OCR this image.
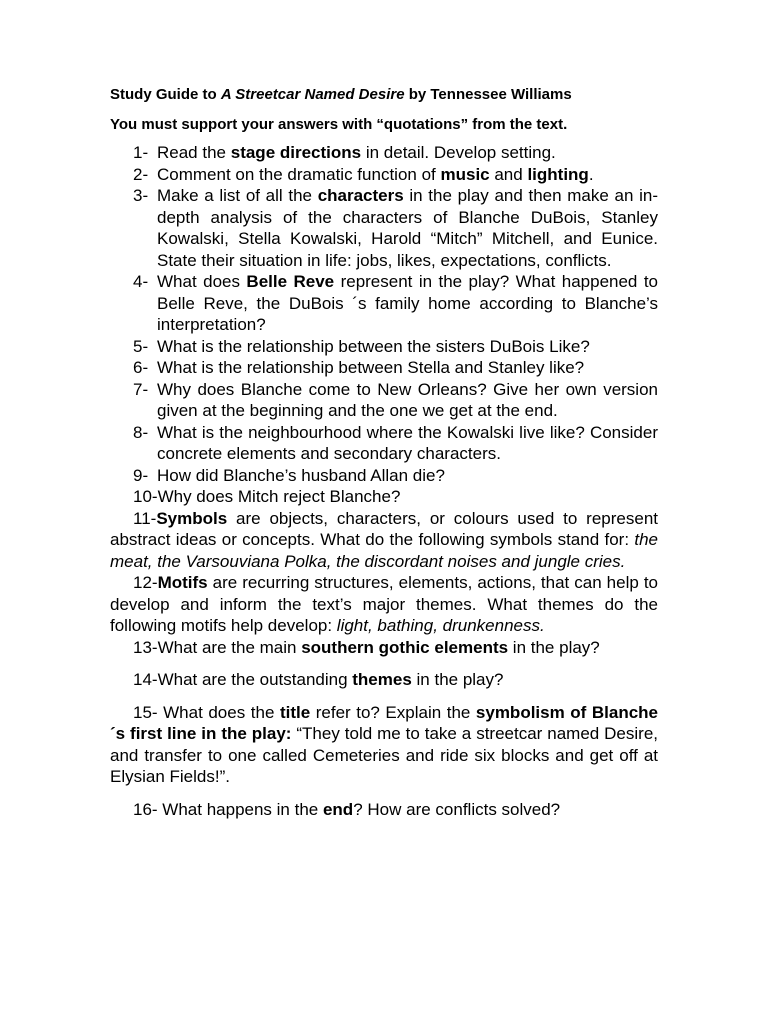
Study Guide to A Streetcar Named Desire by Tennessee Williams

You must support your answers with “quotations” from the text.

1- Read the stage directions in detail. Develop setting.
2- Comment on the dramatic function of music and lighting.
3- Make a list of all the characters in the play and then make an in-depth analysis of the characters of Blanche DuBois, Stanley Kowalski, Stella Kowalski, Harold “Mitch” Mitchell, and Eunice. State their situation in life: jobs, likes, expectations, conflicts.
4- What does Belle Reve represent in the play? What happened to Belle Reve, the DuBois ´s family home according to Blanche’s interpretation?
5- What is the relationship between the sisters DuBois Like?
6- What is the relationship between Stella and Stanley like?
7- Why does Blanche come to New Orleans? Give her own version given at the beginning and the one we get at the end.
8- What is the neighbourhood where the Kowalski live like? Consider concrete elements and secondary characters.
9- How did Blanche’s husband Allan die?
10-Why does Mitch reject Blanche?
11-Symbols are objects, characters, or colours used to represent abstract ideas or concepts. What do the following symbols stand for: the meat, the Varsouviana Polka, the discordant noises and jungle cries.
12-Motifs are recurring structures, elements, actions, that can help to develop and inform the text’s major themes. What themes do the following motifs help develop: light, bathing, drunkenness.
13-What are the main southern gothic elements in the play?
14-What are the outstanding themes in the play?
15- What does the title refer to? Explain the symbolism of Blanche´s first line in the play: “They told me to take a streetcar named Desire, and transfer to one called Cemeteries and ride six blocks and get off at Elysian Fields!”.
16- What happens in the end? How are conflicts solved?
